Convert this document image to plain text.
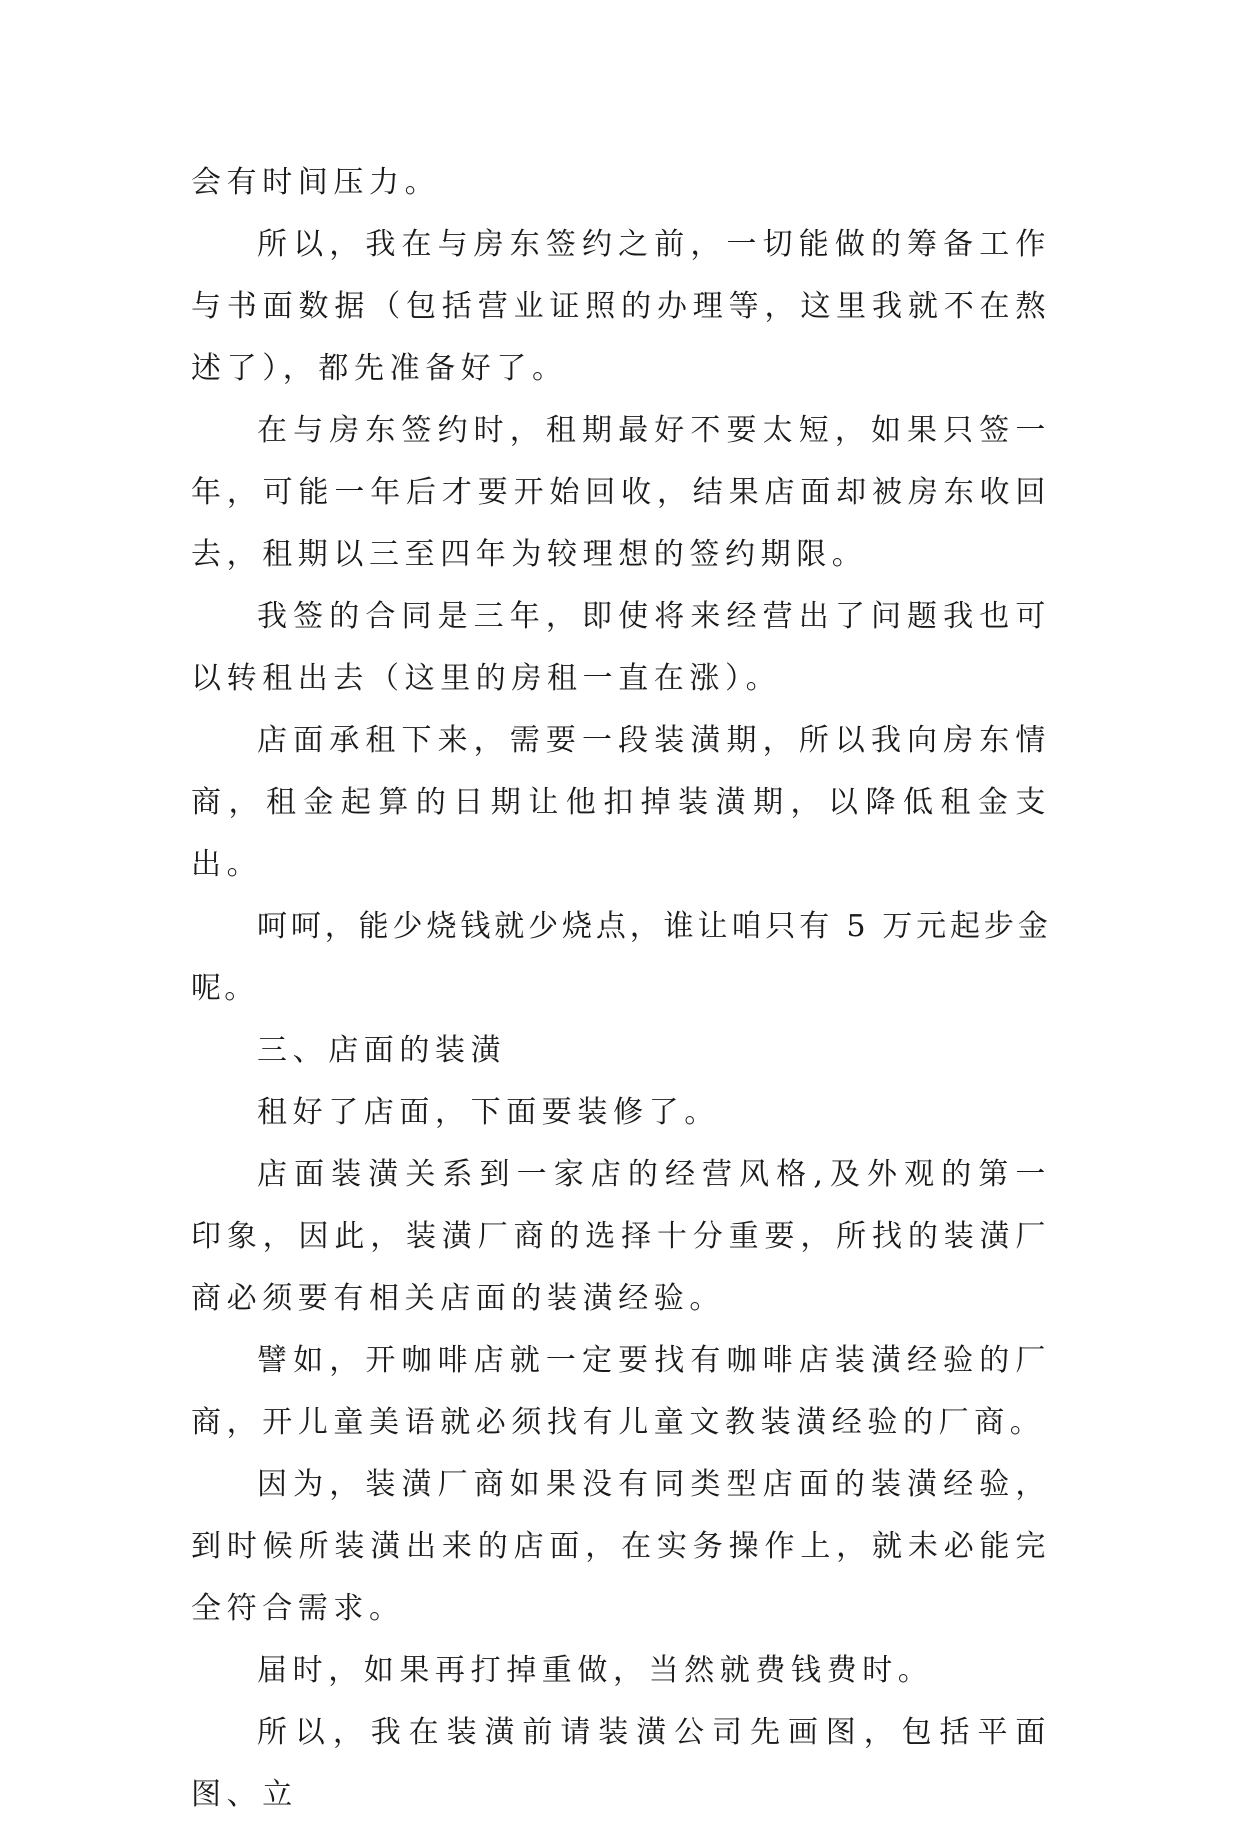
会有时间压力。

所以，我在与房东签约之前，一切能做的筹备工作与书面数据（包括营业证照的办理等，这里我就不在熬述了），都先准备好了。

在与房东签约时，租期最好不要太短，如果只签一年，可能一年后才要开始回收，结果店面却被房东收回去，租期以三至四年为较理想的签约期限。

我签的合同是三年，即使将来经营出了问题我也可以转租出去（这里的房租一直在涨）。

店面承租下来，需要一段装潢期，所以我向房东情商，租金起算的日期让他扣掉装潢期，以降低租金支出。

呵呵，能少烧钱就少烧点，谁让咱只有 5 万元起步金呢。

三、店面的装潢

租好了店面，下面要装修了。

店面装潢关系到一家店的经营风格,及外观的第一印象，因此，装潢厂商的选择十分重要，所找的装潢厂商必须要有相关店面的装潢经验。

譬如，开咖啡店就一定要找有咖啡店装潢经验的厂商，开儿童美语就必须找有儿童文教装潢经验的厂商。

因为，装潢厂商如果没有同类型店面的装潢经验，到时候所装潢出来的店面，在实务操作上，就未必能完全符合需求。

届时，如果再打掉重做，当然就费钱费时。

所以，我在装潢前请装潢公司先画图，包括平面图、立
